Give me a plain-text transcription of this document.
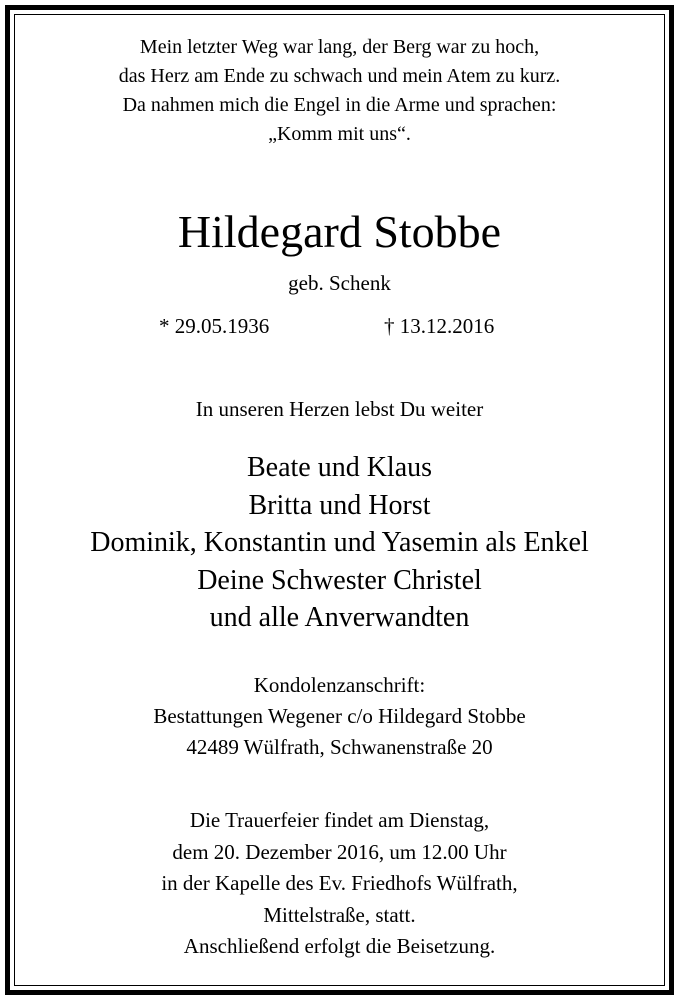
Mein letzter Weg war lang, der Berg war zu hoch,
das Herz am Ende zu schwach und mein Atem zu kurz.
Da nahmen mich die Engel in die Arme und sprachen:
„Komm mit uns“.
Hildegard Stobbe
geb. Schenk
* 29.05.1936	† 13.12.2016
In unseren Herzen lebst Du weiter
Beate und Klaus
Britta und Horst
Dominik, Konstantin und Yasemin als Enkel
Deine Schwester Christel
und alle Anverwandten
Kondolenzanschrift:
Bestattungen Wegener c/o Hildegard Stobbe
42489 Wülfrath, Schwanenstraße 20
Die Trauerfeier findet am Dienstag,
dem 20. Dezember 2016, um 12.00 Uhr
in der Kapelle des Ev. Friedhofs Wülfrath,
Mittelstraße, statt.
Anschließend erfolgt die Beisetzung.
